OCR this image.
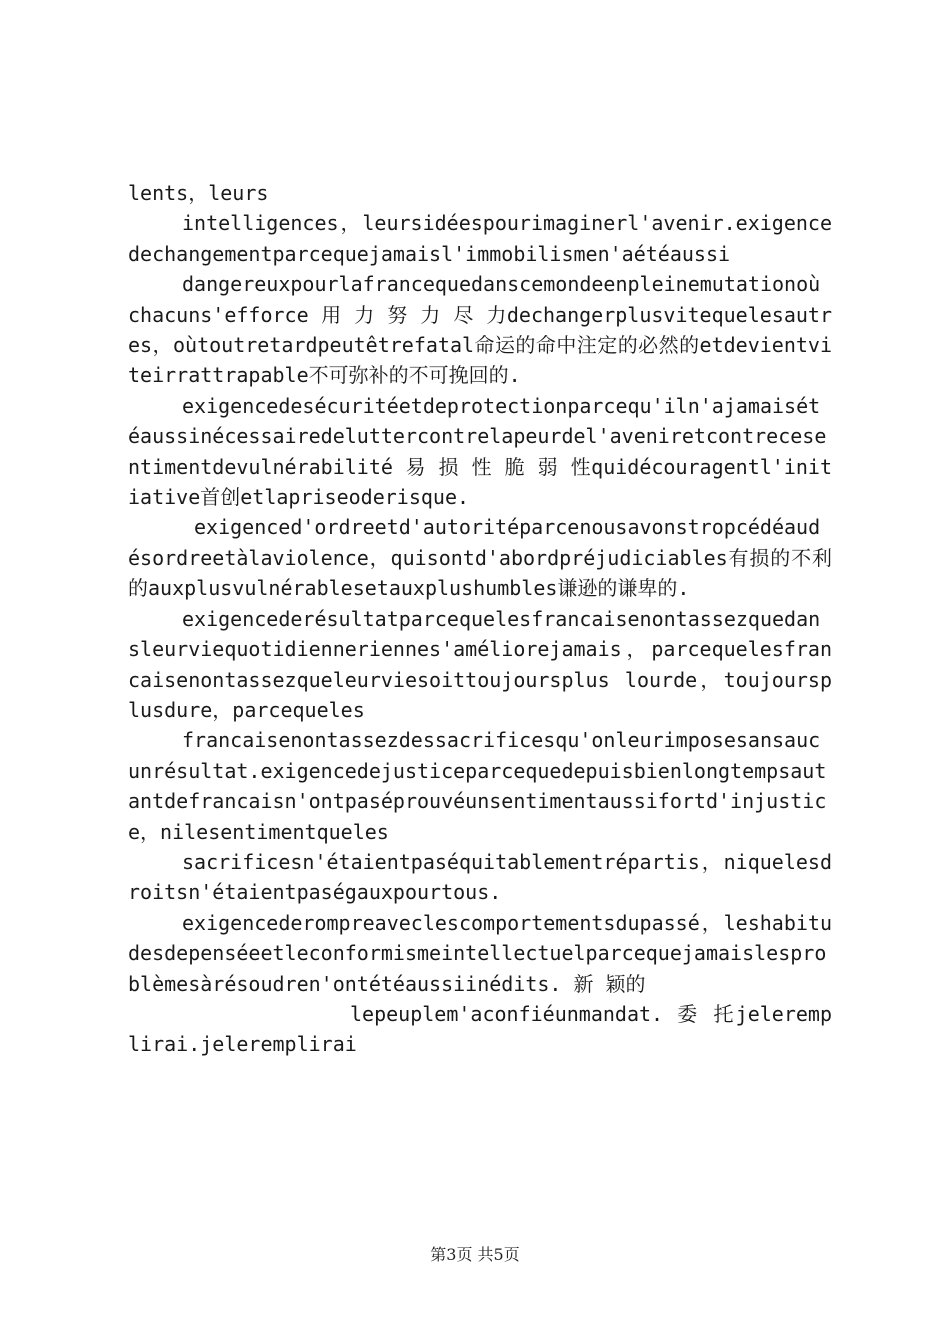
lents，leurs

intelligences，leursidéespourimaginerl'avenir.exigencedechangementparcequejamaisl'immobilismen'aétéaussi

dangereuxpourlafrancequedanscemondeenpleinemutationoùchacuns'efforce 用 力 努 力 尽 力dechangerplusvitequelesautres，oùtoutretardpeutêtrefatal命运的命中注定的必然的etdevientviteirrattrapable不可弥补的不可挽回的.

exigencedesécuritéetdeprotectionparcequ'iln'ajamaisétéaussinécessairedeluttercontrelapeurdel'aveniretcontrecesentimentdevulnérabilité 易 损 性 脆 弱 性quidécouragentl'initiative首创etlapriseoderisque.

exigenced'ordreetd'autoritéparcenousavonstropcédéaudésordreetàlaviolence，quisontd'abordpréjudiciables有损的不利的auxplusvulnérablesetauxplushumbles谦逊的谦卑的.

exigencederésultatparcequelesfrancaisenontassezquedansleurviequotidienneriennes'améliorejamais，parcequelesfrancaisenontassezqueleurviesoittoujoursplus lourde，toujoursplusdure，parcequeles

francaisenontassezdessacrificesqu'onleurimposesansaucunrésultat.exigencedejusticeparcequedepuisbienlongtempsautantdefrancaisn'ontpaséprouvéunsentimentaussifortd'injustice，nilesentimentqueles

sacrificesn'étaientpaséquitablementrépartis，niquelesdroitsn'étaientpaségauxpourtous.

exigencederompreaveclescomportementsdupassé，leshabitudesdepenséeetleconformismeintellectuelparcequejamaislesproblèmesàrésoudren'ontétéaussiinédits. 新 颖的

lepeuplem'aconfiéunmandat. 委 托jeleremplirai.jeleremplirai

第3页 共5页
